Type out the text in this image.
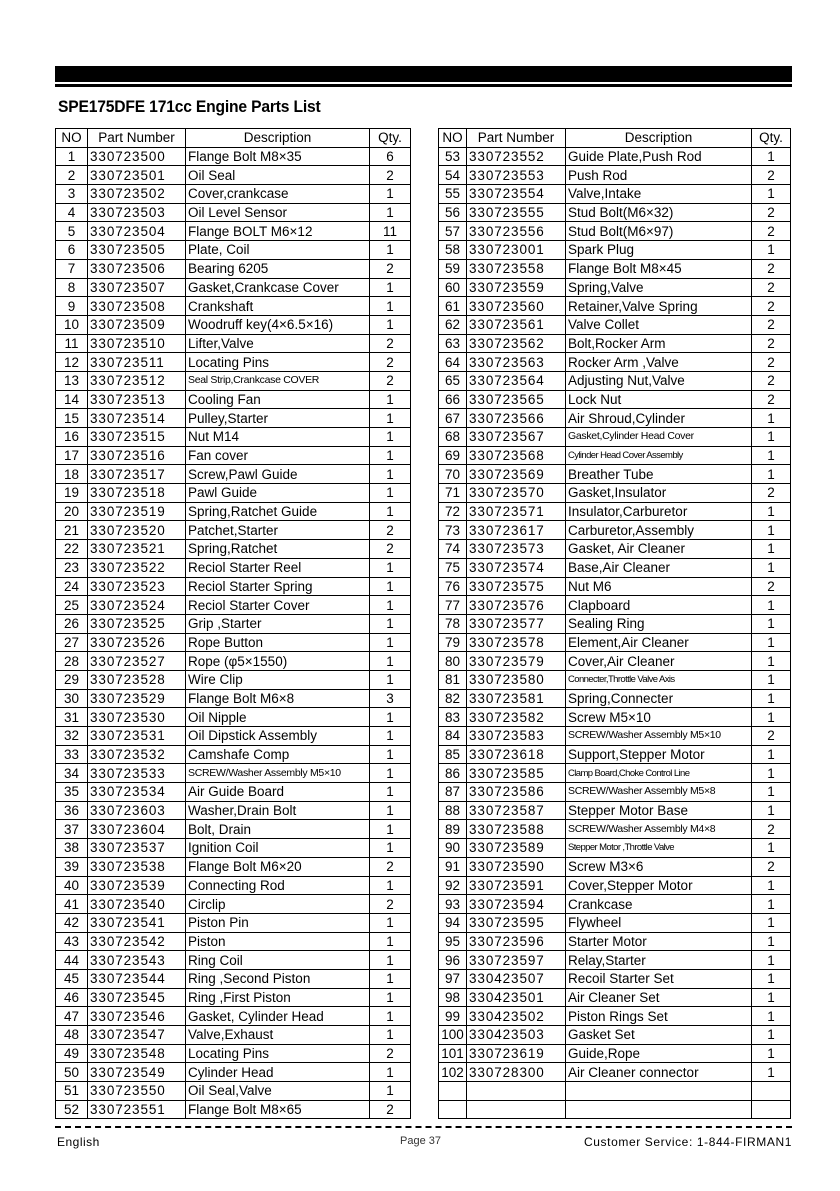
SPE175DFE 171cc Engine Parts List
NO	Part Number	Description	Qty.
1	330723500	Flange Bolt M8×35	6
2	330723501	Oil Seal	2
3	330723502	Cover,crankcase	1
4	330723503	Oil Level Sensor	1
5	330723504	Flange BOLT M6×12	11
6	330723505	Plate, Coil	1
7	330723506	Bearing 6205	2
8	330723507	Gasket,Crankcase Cover	1
9	330723508	Crankshaft	1
10	330723509	Woodruff key(4×6.5×16)	1
11	330723510	Lifter,Valve	2
12	330723511	Locating Pins	2
13	330723512	Seal Strip,Crankcase COVER	2
14	330723513	Cooling Fan	1
15	330723514	Pulley,Starter	1
16	330723515	Nut M14	1
17	330723516	Fan cover	1
18	330723517	Screw,Pawl Guide	1
19	330723518	Pawl Guide	1
20	330723519	Spring,Ratchet Guide	1
21	330723520	Patchet,Starter	2
22	330723521	Spring,Ratchet	2
23	330723522	Reciol Starter Reel	1
24	330723523	Reciol Starter Spring	1
25	330723524	Reciol Starter Cover	1
26	330723525	Grip ,Starter	1
27	330723526	Rope Button	1
28	330723527	Rope (φ5×1550)	1
29	330723528	Wire Clip	1
30	330723529	Flange Bolt M6×8	3
31	330723530	Oil Nipple	1
32	330723531	Oil Dipstick Assembly	1
33	330723532	Camshafe Comp	1
34	330723533	SCREW/Washer Assembly M5×10	1
35	330723534	Air Guide Board	1
36	330723603	Washer,Drain Bolt	1
37	330723604	Bolt, Drain	1
38	330723537	Ignition Coil	1
39	330723538	Flange Bolt M6×20	2
40	330723539	Connecting Rod	1
41	330723540	Circlip	2
42	330723541	Piston Pin	1
43	330723542	Piston	1
44	330723543	Ring Coil	1
45	330723544	Ring ,Second Piston	1
46	330723545	Ring ,First Piston	1
47	330723546	Gasket, Cylinder Head	1
48	330723547	Valve,Exhaust	1
49	330723548	Locating Pins	2
50	330723549	Cylinder Head	1
51	330723550	Oil Seal,Valve	1
52	330723551	Flange Bolt M8×65	2
NO	Part Number	Description	Qty.
53	330723552	Guide Plate,Push Rod	1
54	330723553	Push Rod	2
55	330723554	Valve,Intake	1
56	330723555	Stud Bolt(M6×32)	2
57	330723556	Stud Bolt(M6×97)	2
58	330723001	Spark Plug	1
59	330723558	Flange Bolt M8×45	2
60	330723559	Spring,Valve	2
61	330723560	Retainer,Valve Spring	2
62	330723561	Valve Collet	2
63	330723562	Bolt,Rocker Arm	2
64	330723563	Rocker Arm ,Valve	2
65	330723564	Adjusting Nut,Valve	2
66	330723565	Lock Nut	2
67	330723566	Air Shroud,Cylinder	1
68	330723567	Gasket,Cylinder Head Cover	1
69	330723568	Cylinder Head Cover Assembly	1
70	330723569	Breather Tube	1
71	330723570	Gasket,Insulator	2
72	330723571	Insulator,Carburetor	1
73	330723617	Carburetor,Assembly	1
74	330723573	Gasket, Air Cleaner	1
75	330723574	Base,Air Cleaner	1
76	330723575	Nut M6	2
77	330723576	Clapboard	1
78	330723577	Sealing Ring	1
79	330723578	Element,Air Cleaner	1
80	330723579	Cover,Air Cleaner	1
81	330723580	Connecter,Throttle Valve Axis	1
82	330723581	Spring,Connecter	1
83	330723582	Screw M5×10	1
84	330723583	SCREW/Washer Assembly M5×10	2
85	330723618	Support,Stepper Motor	1
86	330723585	Clamp Board,Choke Control Line	1
87	330723586	SCREW/Washer Assembly M5×8	1
88	330723587	Stepper Motor Base	1
89	330723588	SCREW/Washer Assembly M4×8	2
90	330723589	Stepper Motor ,Throttle Valve	1
91	330723590	Screw M3×6	2
92	330723591	Cover,Stepper Motor	1
93	330723594	Crankcase	1
94	330723595	Flywheel	1
95	330723596	Starter Motor	1
96	330723597	Relay,Starter	1
97	330423507	Recoil Starter Set	1
98	330423501	Air Cleaner Set	1
99	330423502	Piston Rings Set	1
100	330423503	Gasket Set	1
101	330723619	Guide,Rope	1
102	330728300	Air Cleaner connector	1

English	Page 37	Customer Service: 1-844-FIRMAN1
